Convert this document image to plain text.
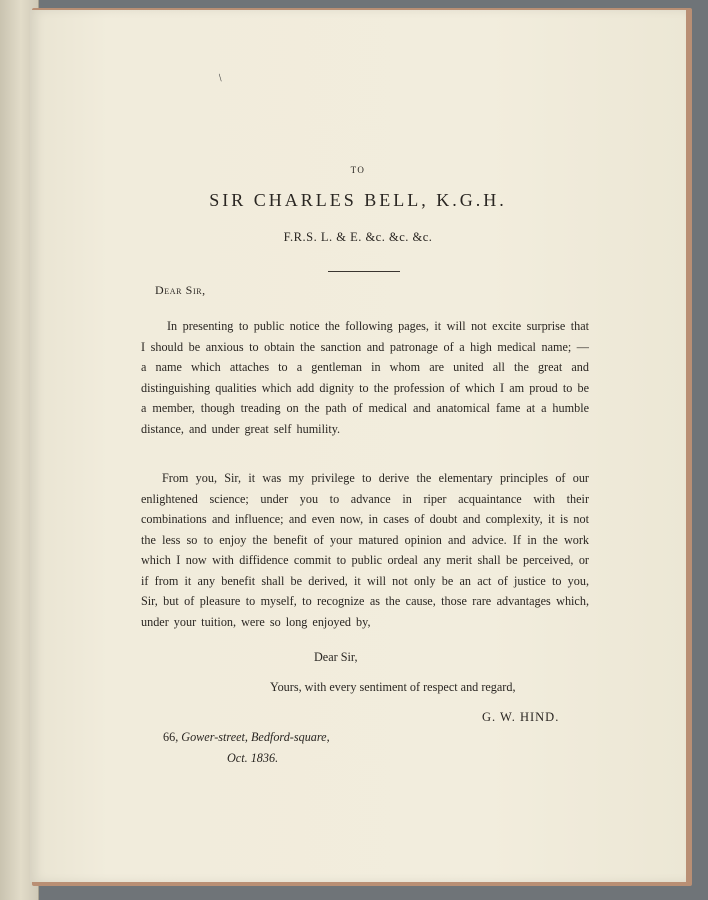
/
TO
SIR CHARLES BELL, K.G.H.
F.R.S. L. & E. &c. &c. &c.
Dear Sir,

In presenting to public notice the following pages, it will not excite surprise that I should be anxious to obtain the sanction and patronage of a high medical name; — a name which attaches to a gentleman in whom are united all the great and distinguishing qualities which add dignity to the profession of which I am proud to be a member, though treading on the path of medical and anatomical fame at a humble distance, and under great self humility.

From you, Sir, it was my privilege to derive the elementary principles of our enlightened science; under you to advance in riper acquaintance with their combinations and influence; and even now, in cases of doubt and complexity, it is not the less so to enjoy the benefit of your matured opinion and advice. If in the work which I now with diffidence commit to public ordeal any merit shall be perceived, or if from it any benefit shall be derived, it will not only be an act of justice to you, Sir, but of pleasure to myself, to recognize as the cause, those rare advantages which, under your tuition, were so long enjoyed by,

Dear Sir,
Yours, with every sentiment of respect and regard,
G. W. HIND.
66, Gower-street, Bedford-square,
Oct. 1836.
